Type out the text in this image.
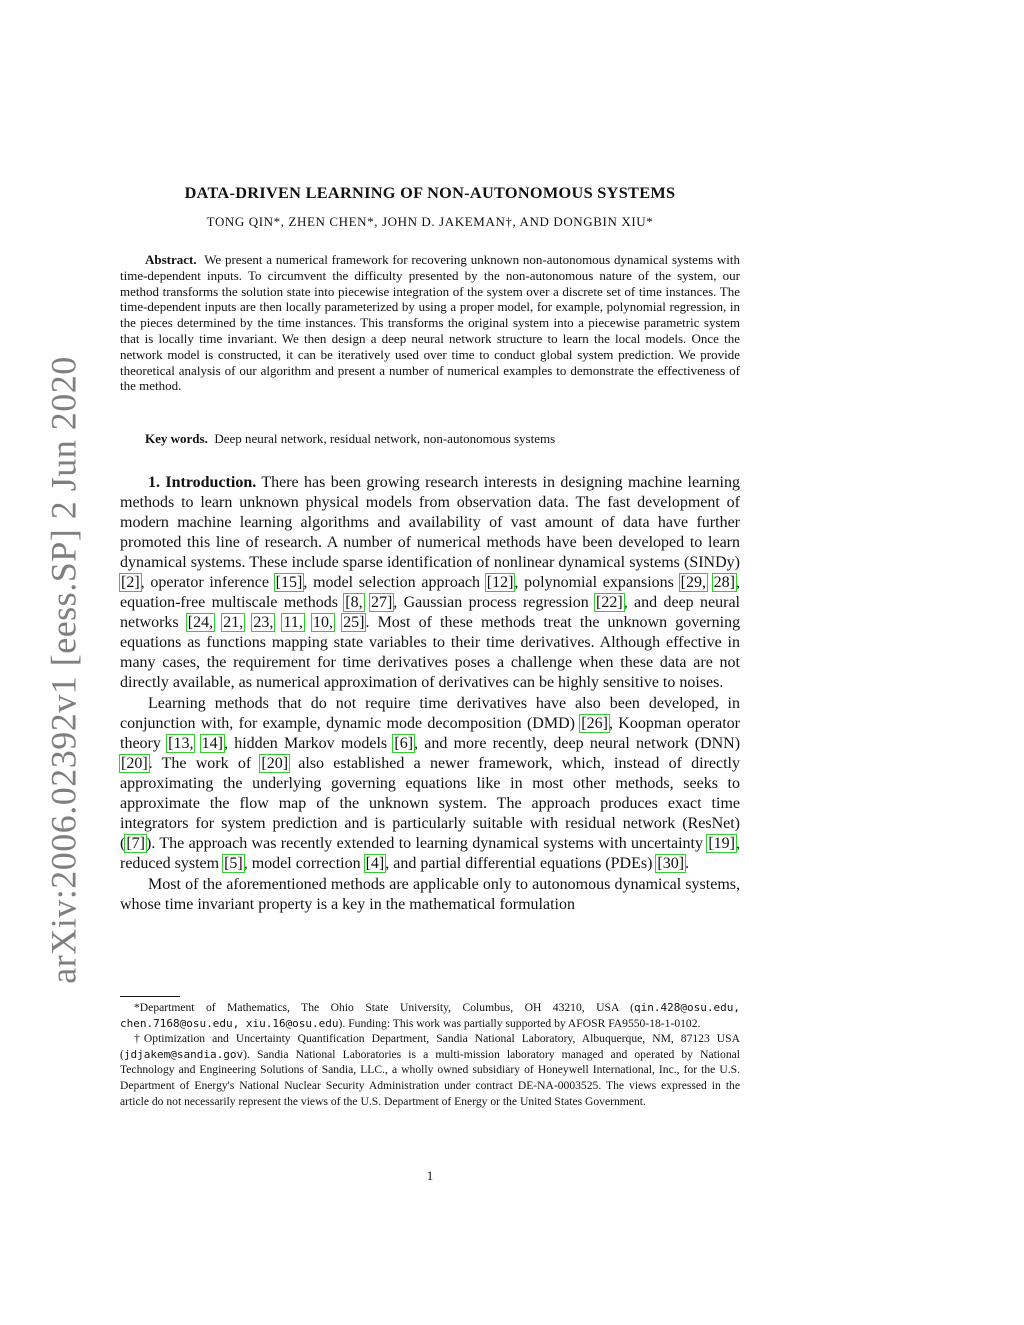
arXiv:2006.02392v1 [eess.SP] 2 Jun 2020
DATA-DRIVEN LEARNING OF NON-AUTONOMOUS SYSTEMS
TONG QIN*, ZHEN CHEN*, JOHN D. JAKEMAN†, AND DONGBIN XIU*
Abstract. We present a numerical framework for recovering unknown non-autonomous dynamical systems with time-dependent inputs. To circumvent the difficulty presented by the non-autonomous nature of the system, our method transforms the solution state into piecewise integration of the system over a discrete set of time instances. The time-dependent inputs are then locally parameterized by using a proper model, for example, polynomial regression, in the pieces determined by the time instances. This transforms the original system into a piecewise parametric system that is locally time invariant. We then design a deep neural network structure to learn the local models. Once the network model is constructed, it can be iteratively used over time to conduct global system prediction. We provide theoretical analysis of our algorithm and present a number of numerical examples to demonstrate the effectiveness of the method.
Key words. Deep neural network, residual network, non-autonomous systems

1. Introduction. There has been growing research interests in designing machine learning methods to learn unknown physical models from observation data. The fast development of modern machine learning algorithms and availability of vast amount of data have further promoted this line of research. A number of numerical methods have been developed to learn dynamical systems. These include sparse identification of nonlinear dynamical systems (SINDy) [2], operator inference [15], model selection approach [12], polynomial expansions [29, 28], equation-free multiscale methods [8, 27], Gaussian process regression [22], and deep neural networks [24, 21, 23, 11, 10, 25]. Most of these methods treat the unknown governing equations as functions mapping state variables to their time derivatives. Although effective in many cases, the requirement for time derivatives poses a challenge when these data are not directly available, as numerical approximation of derivatives can be highly sensitive to noises.

Learning methods that do not require time derivatives have also been developed, in conjunction with, for example, dynamic mode decomposition (DMD) [26], Koopman operator theory [13, 14], hidden Markov models [6], and more recently, deep neural network (DNN) [20]. The work of [20] also established a newer framework, which, instead of directly approximating the underlying governing equations like in most other methods, seeks to approximate the flow map of the unknown system. The approach produces exact time integrators for system prediction and is particularly suitable with residual network (ResNet) ([7]). The approach was recently extended to learning dynamical systems with uncertainty [19], reduced system [5], model correction [4], and partial differential equations (PDEs) [30].

Most of the aforementioned methods are applicable only to autonomous dynamical systems, whose time invariant property is a key in the mathematical formulation

*Department of Mathematics, The Ohio State University, Columbus, OH 43210, USA (qin.428@osu.edu, chen.7168@osu.edu, xiu.16@osu.edu). Funding: This work was partially supported by AFOSR FA9550-18-1-0102.

†Optimization and Uncertainty Quantification Department, Sandia National Laboratory, Albuquerque, NM, 87123 USA (jdjakem@sandia.gov). Sandia National Laboratories is a multi-mission laboratory managed and operated by National Technology and Engineering Solutions of Sandia, LLC., a wholly owned subsidiary of Honeywell International, Inc., for the U.S. Department of Energy's National Nuclear Security Administration under contract DE-NA-0003525. The views expressed in the article do not necessarily represent the views of the U.S. Department of Energy or the United States Government.

1
